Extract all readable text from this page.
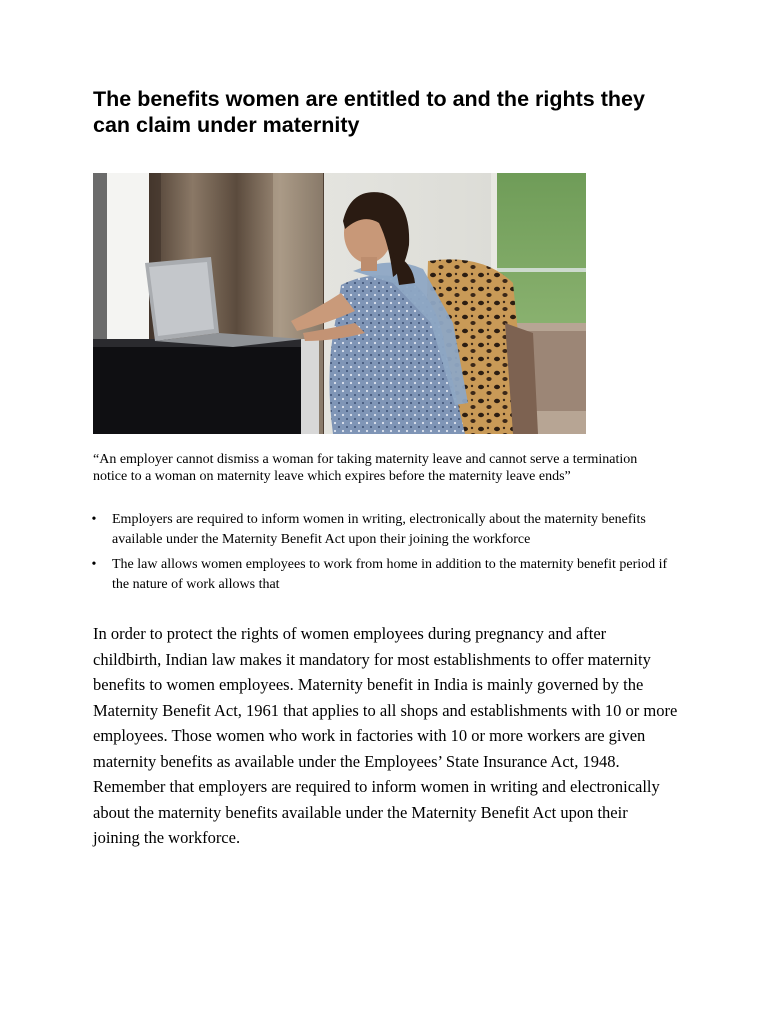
The benefits women are entitled to and the rights they can claim under maternity

“An employer cannot dismiss a woman for taking maternity leave and cannot serve a termination notice to a woman on maternity leave which expires before the maternity leave ends”

• Employers are required to inform women in writing, electronically about the maternity benefits available under the Maternity Benefit Act upon their joining the workforce
• The law allows women employees to work from home in addition to the maternity benefit period if the nature of work allows that

In order to protect the rights of women employees during pregnancy and after childbirth, Indian law makes it mandatory for most establishments to offer maternity benefits to women employees. Maternity benefit in India is mainly governed by the Maternity Benefit Act, 1961 that applies to all shops and establishments with 10 or more employees. Those women who work in factories with 10 or more workers are given maternity benefits as available under the Employees’ State Insurance Act, 1948.

Remember that employers are required to inform women in writing and electronically about the maternity benefits available under the Maternity Benefit Act upon their joining the workforce.
